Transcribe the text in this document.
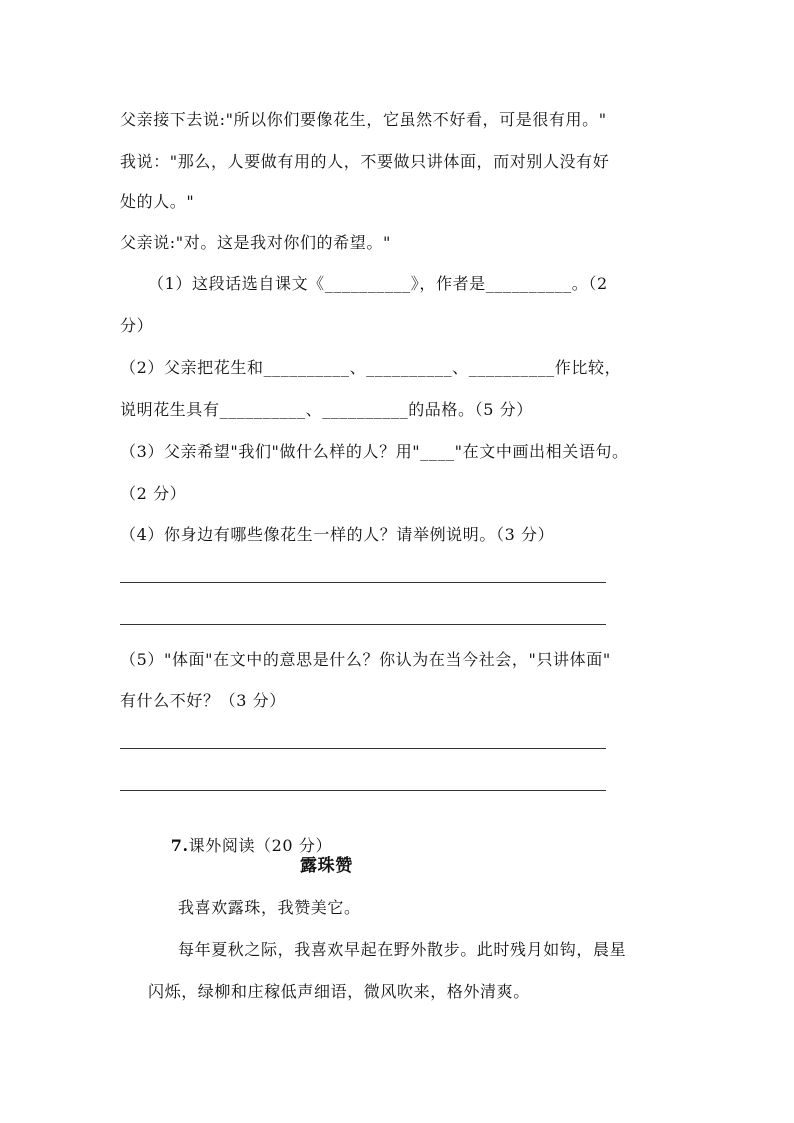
父亲接下去说:"所以你们要像花生，它虽然不好看，可是很有用。"
我说："那么，人要做有用的人，不要做只讲体面，而对别人没有好
处的人。"
父亲说:"对。这是我对你们的希望。"
（1）这段话选自课文《__________》，作者是__________。（2
分）
（2）父亲把花生和__________、__________、__________作比较，
说明花生具有__________、__________的品格。（5 分）
（3）父亲希望"我们"做什么样的人？用"____"在文中画出相关语句。
（2 分）
（4）你身边有哪些像花生一样的人？请举例说明。（3 分）
（5）"体面"在文中的意思是什么？你认为在当今社会，"只讲体面"
有什么不好？（3 分）

7.课外阅读（20 分）

露珠赞
我喜欢露珠，我赞美它。
每年夏秋之际，我喜欢早起在野外散步。此时残月如钩，晨星
闪烁，绿柳和庄稼低声细语，微风吹来，格外清爽。
